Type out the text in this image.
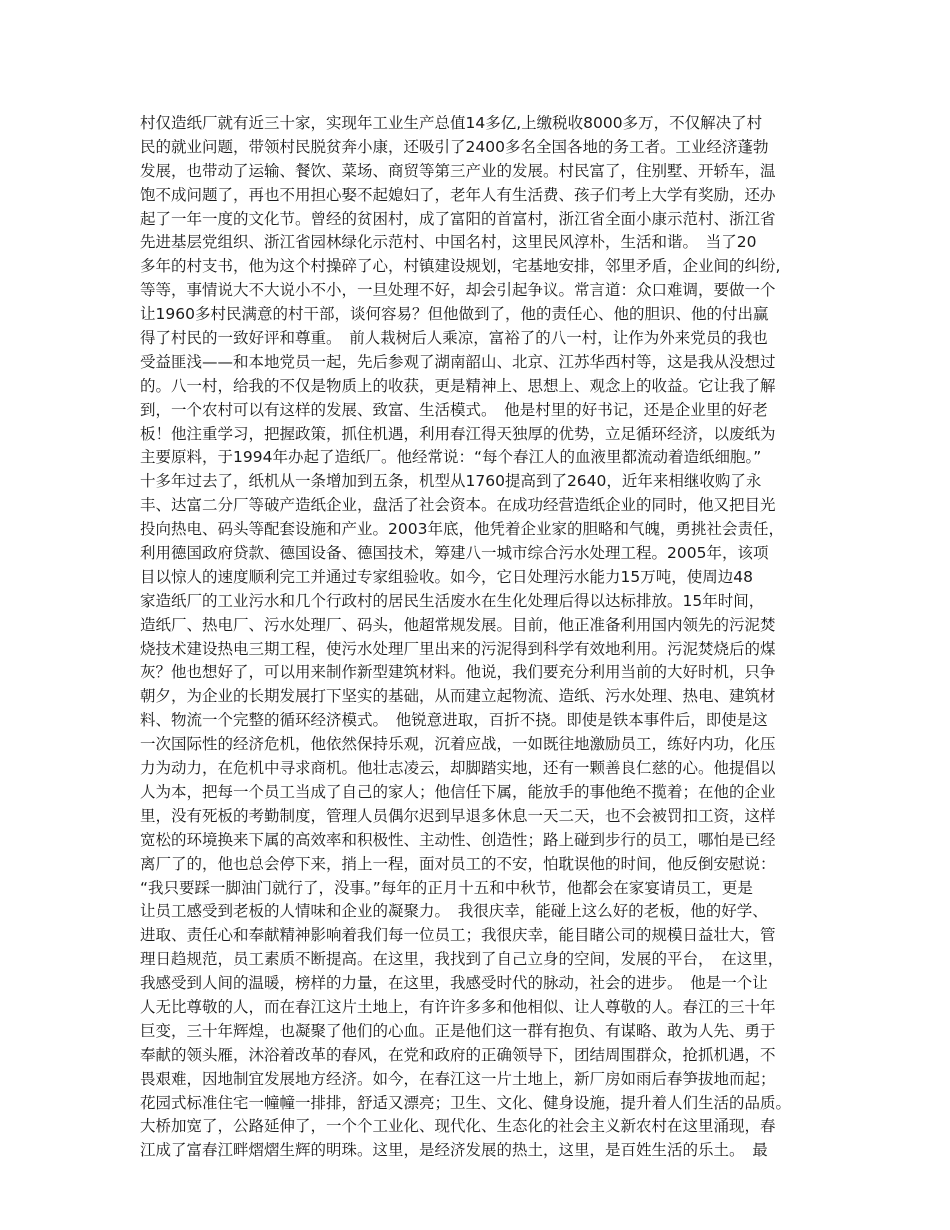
村仅造纸厂就有近三十家，实现年工业生产总值14多亿,上缴税收8000多万，不仅解决了村
民的就业问题，带领村民脱贫奔小康，还吸引了2400多名全国各地的务工者。工业经济蓬勃
发展，也带动了运输、餐饮、菜场、商贸等第三产业的发展。村民富了，住别墅、开轿车，温
饱不成问题了，再也不用担心娶不起媳妇了，老年人有生活费、孩子们考上大学有奖励，还办
起了一年一度的文化节。曾经的贫困村，成了富阳的首富村，浙江省全面小康示范村、浙江省
先进基层党组织、浙江省园林绿化示范村、中国名村，这里民风淳朴，生活和谐。　当了20
多年的村支书，他为这个村操碎了心，村镇建设规划，宅基地安排，邻里矛盾，企业间的纠纷,
等等，事情说大不大说小不小，一旦处理不好，却会引起争议。常言道：众口难调，要做一个
让1960多村民满意的村干部，谈何容易？但他做到了，他的责任心、他的胆识、他的付出赢
得了村民的一致好评和尊重。　前人栽树后人乘凉，富裕了的八一村，让作为外来党员的我也
受益匪浅——和本地党员一起，先后参观了湖南韶山、北京、江苏华西村等，这是我从没想过
的。八一村，给我的不仅是物质上的收获，更是精神上、思想上、观念上的收益。它让我了解
到，一个农村可以有这样的发展、致富、生活模式。　他是村里的好书记，还是企业里的好老
板！他注重学习，把握政策，抓住机遇，利用春江得天独厚的优势，立足循环经济，以废纸为
主要原料，于1994年办起了造纸厂。他经常说：“每个春江人的血液里都流动着造纸细胞。”
十多年过去了，纸机从一条增加到五条，机型从1760提高到了2640，近年来相继收购了永
丰、达富二分厂等破产造纸企业，盘活了社会资本。在成功经营造纸企业的同时，他又把目光
投向热电、码头等配套设施和产业。2003年底，他凭着企业家的胆略和气魄，勇挑社会责任，
利用德国政府贷款、德国设备、德国技术，筹建八一城市综合污水处理工程。2005年，该项
目以惊人的速度顺利完工并通过专家组验收。如今，它日处理污水能力15万吨，使周边48
家造纸厂的工业污水和几个行政村的居民生活废水在生化处理后得以达标排放。15年时间，
造纸厂、热电厂、污水处理厂、码头，他超常规发展。目前，他正准备利用国内领先的污泥焚
烧技术建设热电三期工程，使污水处理厂里出来的污泥得到科学有效地利用。污泥焚烧后的煤
灰？他也想好了，可以用来制作新型建筑材料。他说，我们要充分利用当前的大好时机，只争
朝夕，为企业的长期发展打下坚实的基础，从而建立起物流、造纸、污水处理、热电、建筑材
料、物流一个完整的循环经济模式。　他锐意进取，百折不挠。即使是铁本事件后，即使是这
一次国际性的经济危机，他依然保持乐观，沉着应战，一如既往地激励员工，练好内功，化压
力为动力，在危机中寻求商机。他壮志凌云，却脚踏实地，还有一颗善良仁慈的心。他提倡以
人为本，把每一个员工当成了自己的家人；他信任下属，能放手的事他绝不揽着；在他的企业
里，没有死板的考勤制度，管理人员偶尔迟到早退多休息一天二天，也不会被罚扣工资，这样
宽松的环境换来下属的高效率和积极性、主动性、创造性；路上碰到步行的员工，哪怕是已经
离厂了的，他也总会停下来，捎上一程，面对员工的不安，怕耽误他的时间，他反倒安慰说：
“我只要踩一脚油门就行了，没事。”每年的正月十五和中秋节，他都会在家宴请员工，更是
让员工感受到老板的人情味和企业的凝聚力。　我很庆幸，能碰上这么好的老板，他的好学、
进取、责任心和奉献精神影响着我们每一位员工；我很庆幸，能目睹公司的规模日益壮大，管
理日趋规范，员工素质不断提高。在这里，我找到了自己立身的空间，发展的平台，　在这里，
我感受到人间的温暖，榜样的力量，在这里，我感受时代的脉动，社会的进步。　他是一个让
人无比尊敬的人，而在春江这片土地上，有许许多多和他相似、让人尊敬的人。春江的三十年
巨变，三十年辉煌，也凝聚了他们的心血。正是他们这一群有抱负、有谋略、敢为人先、勇于
奉献的领头雁，沐浴着改革的春风，在党和政府的正确领导下，团结周围群众，抢抓机遇，不
畏艰难，因地制宜发展地方经济。如今，在春江这一片土地上，新厂房如雨后春笋拔地而起；
花园式标准住宅一幢幢一排排，舒适又漂亮；卫生、文化、健身设施，提升着人们生活的品质。
大桥加宽了，公路延伸了，一个个工业化、现代化、生态化的社会主义新农村在这里涌现，春
江成了富春江畔熠熠生辉的明珠。这里，是经济发展的热土，这里，是百姓生活的乐土。　最
